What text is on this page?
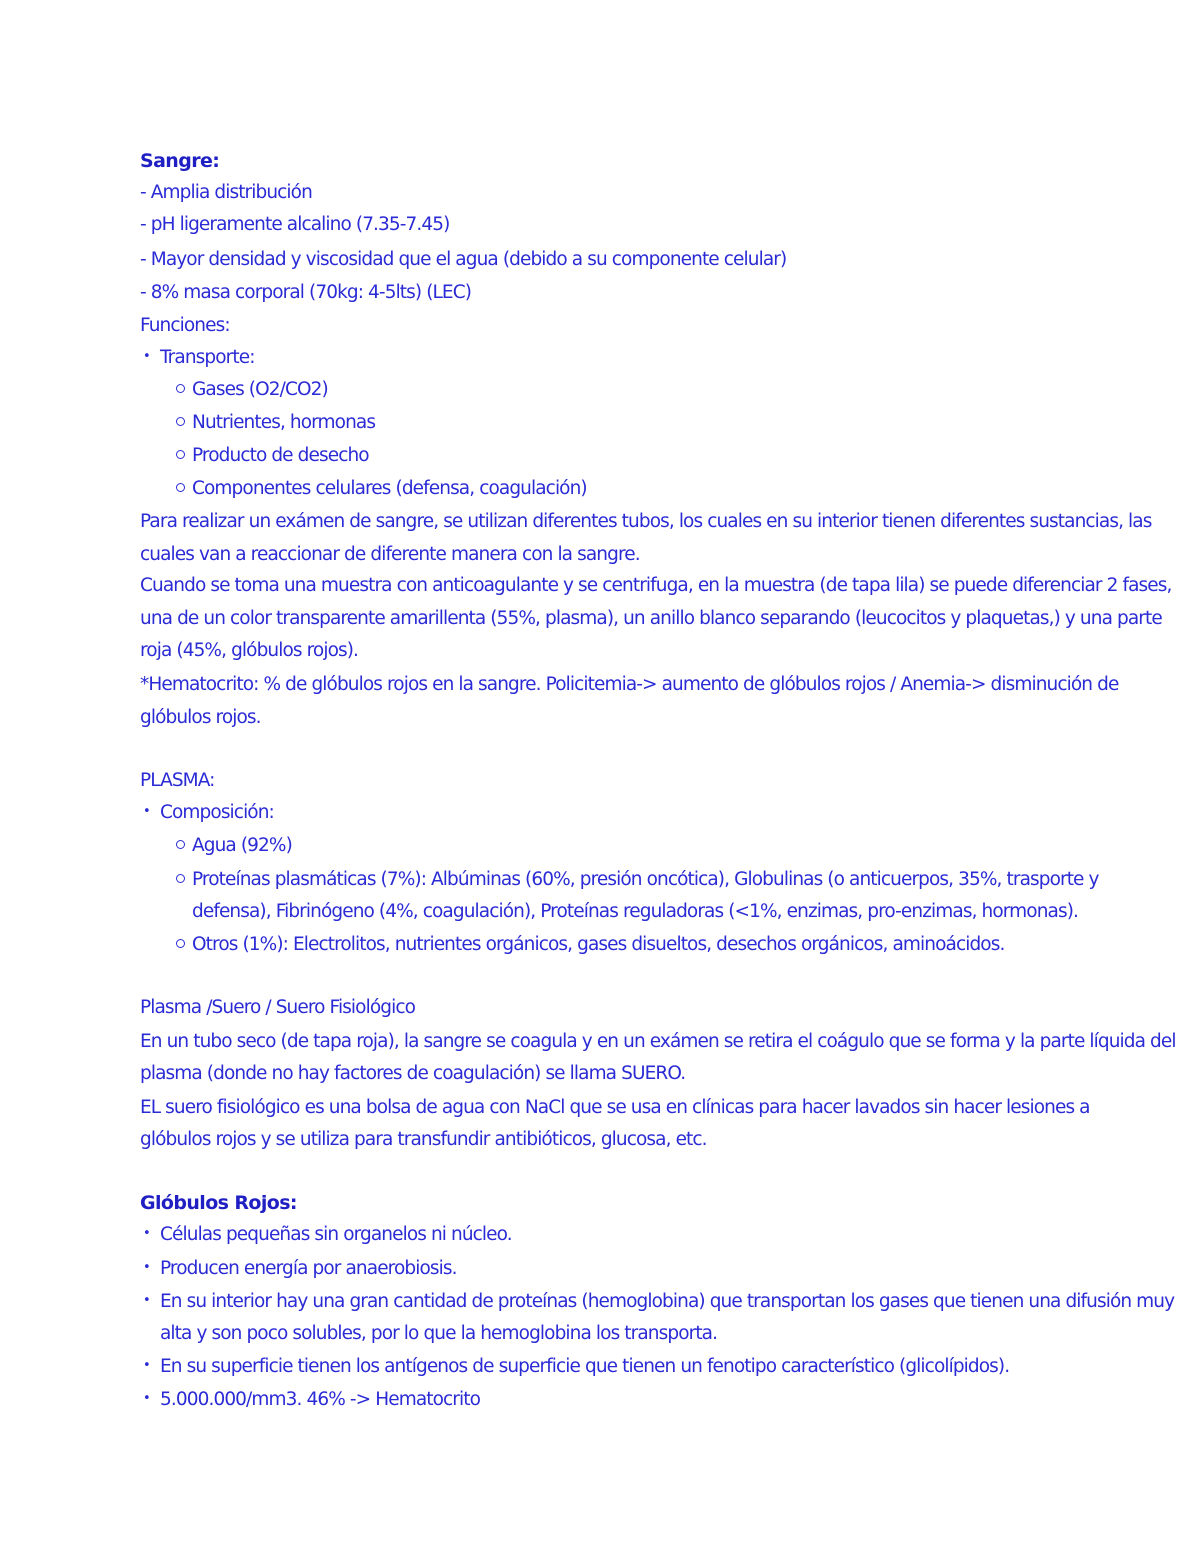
Sangre:
- Amplia distribución
- pH ligeramente alcalino (7.35-7.45)
- Mayor densidad y viscosidad que el agua (debido a su componente celular)
- 8% masa corporal (70kg: 4-5lts) (LEC)
Funciones:
• Transporte:
Gases (O2/CO2)
Nutrientes, hormonas
Producto de desecho
Componentes celulares (defensa, coagulación)
Para realizar un exámen de sangre, se utilizan diferentes tubos, los cuales en su interior tienen diferentes sustancias, las
cuales van a reaccionar de diferente manera con la sangre.
Cuando se toma una muestra con anticoagulante y se centrifuga, en la muestra (de tapa lila) se puede diferenciar 2 fases,
una de un color transparente amarillenta (55%, plasma), un anillo blanco separando (leucocitos y plaquetas,) y una parte
roja (45%, glóbulos rojos).
*Hematocrito: % de glóbulos rojos en la sangre. Policitemia-> aumento de glóbulos rojos / Anemia-> disminución de
glóbulos rojos.
PLASMA:
• Composición:
Agua (92%)
Proteínas plasmáticas (7%): Albúminas (60%, presión oncótica), Globulinas (o anticuerpos, 35%, trasporte y
defensa), Fibrinógeno (4%, coagulación), Proteínas reguladoras (<1%, enzimas, pro-enzimas, hormonas).
Otros (1%): Electrolitos, nutrientes orgánicos, gases disueltos, desechos orgánicos, aminoácidos.
Plasma /Suero / Suero Fisiológico
En un tubo seco (de tapa roja), la sangre se coagula y en un exámen se retira el coágulo que se forma y la parte líquida del
plasma (donde no hay factores de coagulación) se llama SUERO.
EL suero fisiológico es una bolsa de agua con NaCl que se usa en clínicas para hacer lavados sin hacer lesiones a
glóbulos rojos y se utiliza para transfundir antibióticos, glucosa, etc.
Glóbulos Rojos:
• Células pequeñas sin organelos ni núcleo.
• Producen energía por anaerobiosis.
• En su interior hay una gran cantidad de proteínas (hemoglobina) que transportan los gases que tienen una difusión muy
alta y son poco solubles, por lo que la hemoglobina los transporta.
• En su superficie tienen los antígenos de superficie que tienen un fenotipo característico (glicolípidos).
• 5.000.000/mm3. 46% -> Hematocrito
